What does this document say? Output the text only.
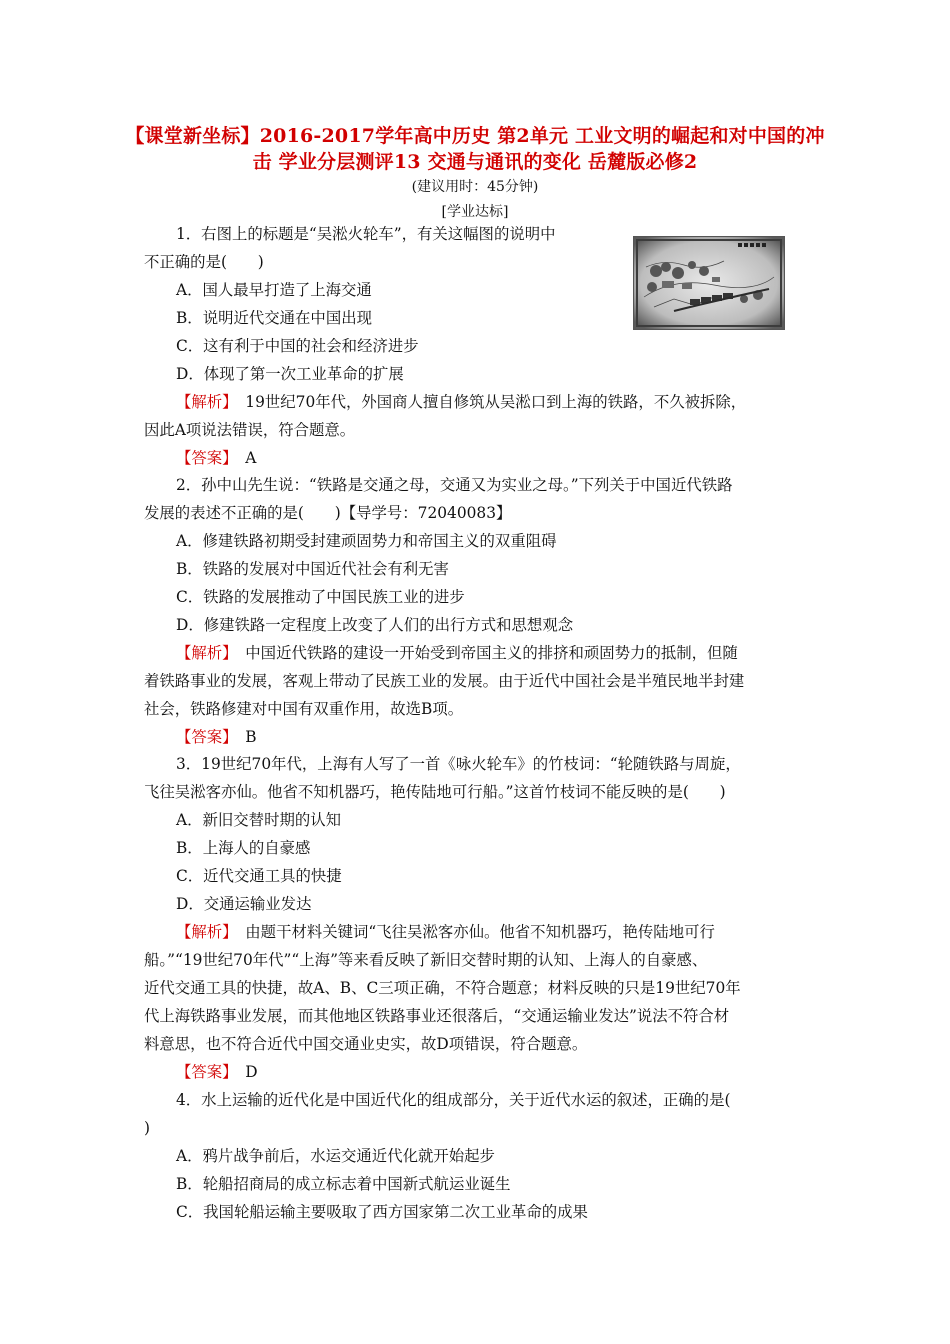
【课堂新坐标】2016-2017学年高中历史 第2单元 工业文明的崛起和对中国的冲击 学业分层测评13 交通与通讯的变化 岳麓版必修2
(建议用时：45分钟)
[学业达标]
1．右图上的标题是“吴淞火轮车”，有关这幅图的说明中
不正确的是(　　)
A．国人最早打造了上海交通
B．说明近代交通在中国出现
C．这有利于中国的社会和经济进步
D．体现了第一次工业革命的扩展
【解析】　 19世纪70年代，外国商人擅自修筑从吴淞口到上海的铁路，不久被拆除，
因此A项说法错误，符合题意。
【答案】　 A
2．孙中山先生说：“铁路是交通之母，交通又为实业之母。”下列关于中国近代铁路
发展的表述不正确的是(　　)【导学号：72040083】
A．修建铁路初期受封建顽固势力和帝国主义的双重阻碍
B．铁路的发展对中国近代社会有利无害
C．铁路的发展推动了中国民族工业的进步
D．修建铁路一定程度上改变了人们的出行方式和思想观念
【解析】　 中国近代铁路的建设一开始受到帝国主义的排挤和顽固势力的抵制，但随
着铁路事业的发展，客观上带动了民族工业的发展。由于近代中国社会是半殖民地半封建
社会，铁路修建对中国有双重作用，故选B项。
【答案】　 B
3．19世纪70年代，上海有人写了一首《咏火轮车》的竹枝词：“轮随铁路与周旋，
飞往吴淞客亦仙。他省不知机器巧，艳传陆地可行船。”这首竹枝词不能反映的是(　　)
A．新旧交替时期的认知
B．上海人的自豪感
C．近代交通工具的快捷
D．交通运输业发达
【解析】　 由题干材料关键词“飞往吴淞客亦仙。他省不知机器巧，艳传陆地可行
船。”“19世纪70年代”“上海”等来看反映了新旧交替时期的认知、上海人的自豪感、
近代交通工具的快捷，故A、B、C三项正确，不符合题意；材料反映的只是19世纪70年
代上海铁路事业发展，而其他地区铁路事业还很落后，“交通运输业发达”说法不符合材
料意思，也不符合近代中国交通业史实，故D项错误，符合题意。
【答案】　 D
4．水上运输的近代化是中国近代化的组成部分，关于近代水运的叙述，正确的是(
)
A．鸦片战争前后，水运交通近代化就开始起步
B．轮船招商局的成立标志着中国新式航运业诞生
C．我国轮船运输主要吸取了西方国家第二次工业革命的成果
